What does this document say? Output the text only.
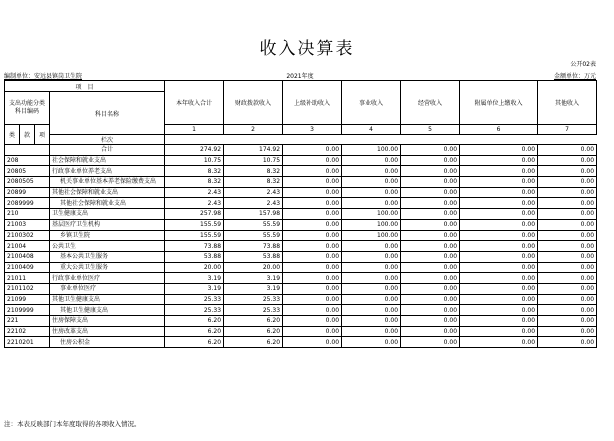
收入决算表
公开02表
编制单位：安远县镇岗卫生院	2021年度	金额单位：万元
项　目				本年收入合计	财政拨款收入	上级补助收入	事业收入	经营收入	附属单位上缴收入	其他收入
支出功能分类科目编码			科目名称							
类	款	项		1	2	3	4	5	6	7
			栏次						
			合计	274.92	174.92	0.00	100.00	0.00	0.00	0.00
208			社会保障和就业支出	10.75	10.75	0.00	0.00	0.00	0.00	0.00
20805			行政事业单位养老支出	8.32	8.32	0.00	0.00	0.00	0.00	0.00
2080505			机关事业单位基本养老保险缴费支出	8.32	8.32	0.00	0.00	0.00	0.00	0.00
20899			其他社会保障和就业支出	2.43	2.43	0.00	0.00	0.00	0.00	0.00
2089999			其他社会保障和就业支出	2.43	2.43	0.00	0.00	0.00	0.00	0.00
210			卫生健康支出	257.98	157.98	0.00	100.00	0.00	0.00	0.00
21003			基层医疗卫生机构	155.59	55.59	0.00	100.00	0.00	0.00	0.00
2100302			乡镇卫生院	155.59	55.59	0.00	100.00	0.00	0.00	0.00
21004			公共卫生	73.88	73.88	0.00	0.00	0.00	0.00	0.00
2100408			基本公共卫生服务	53.88	53.88	0.00	0.00	0.00	0.00	0.00
2100409			重大公共卫生服务	20.00	20.00	0.00	0.00	0.00	0.00	0.00
21011			行政事业单位医疗	3.19	3.19	0.00	0.00	0.00	0.00	0.00
2101102			事业单位医疗	3.19	3.19	0.00	0.00	0.00	0.00	0.00
21099			其他卫生健康支出	25.33	25.33	0.00	0.00	0.00	0.00	0.00
2109999			其他卫生健康支出	25.33	25.33	0.00	0.00	0.00	0.00	0.00
221			住房保障支出	6.20	6.20	0.00	0.00	0.00	0.00	0.00
22102			住房改革支出	6.20	6.20	0.00	0.00	0.00	0.00	0.00
2210201			住房公积金	6.20	6.20	0.00	0.00	0.00	0.00	0.00
注：本表反映部门本年度取得的各项收入情况。
